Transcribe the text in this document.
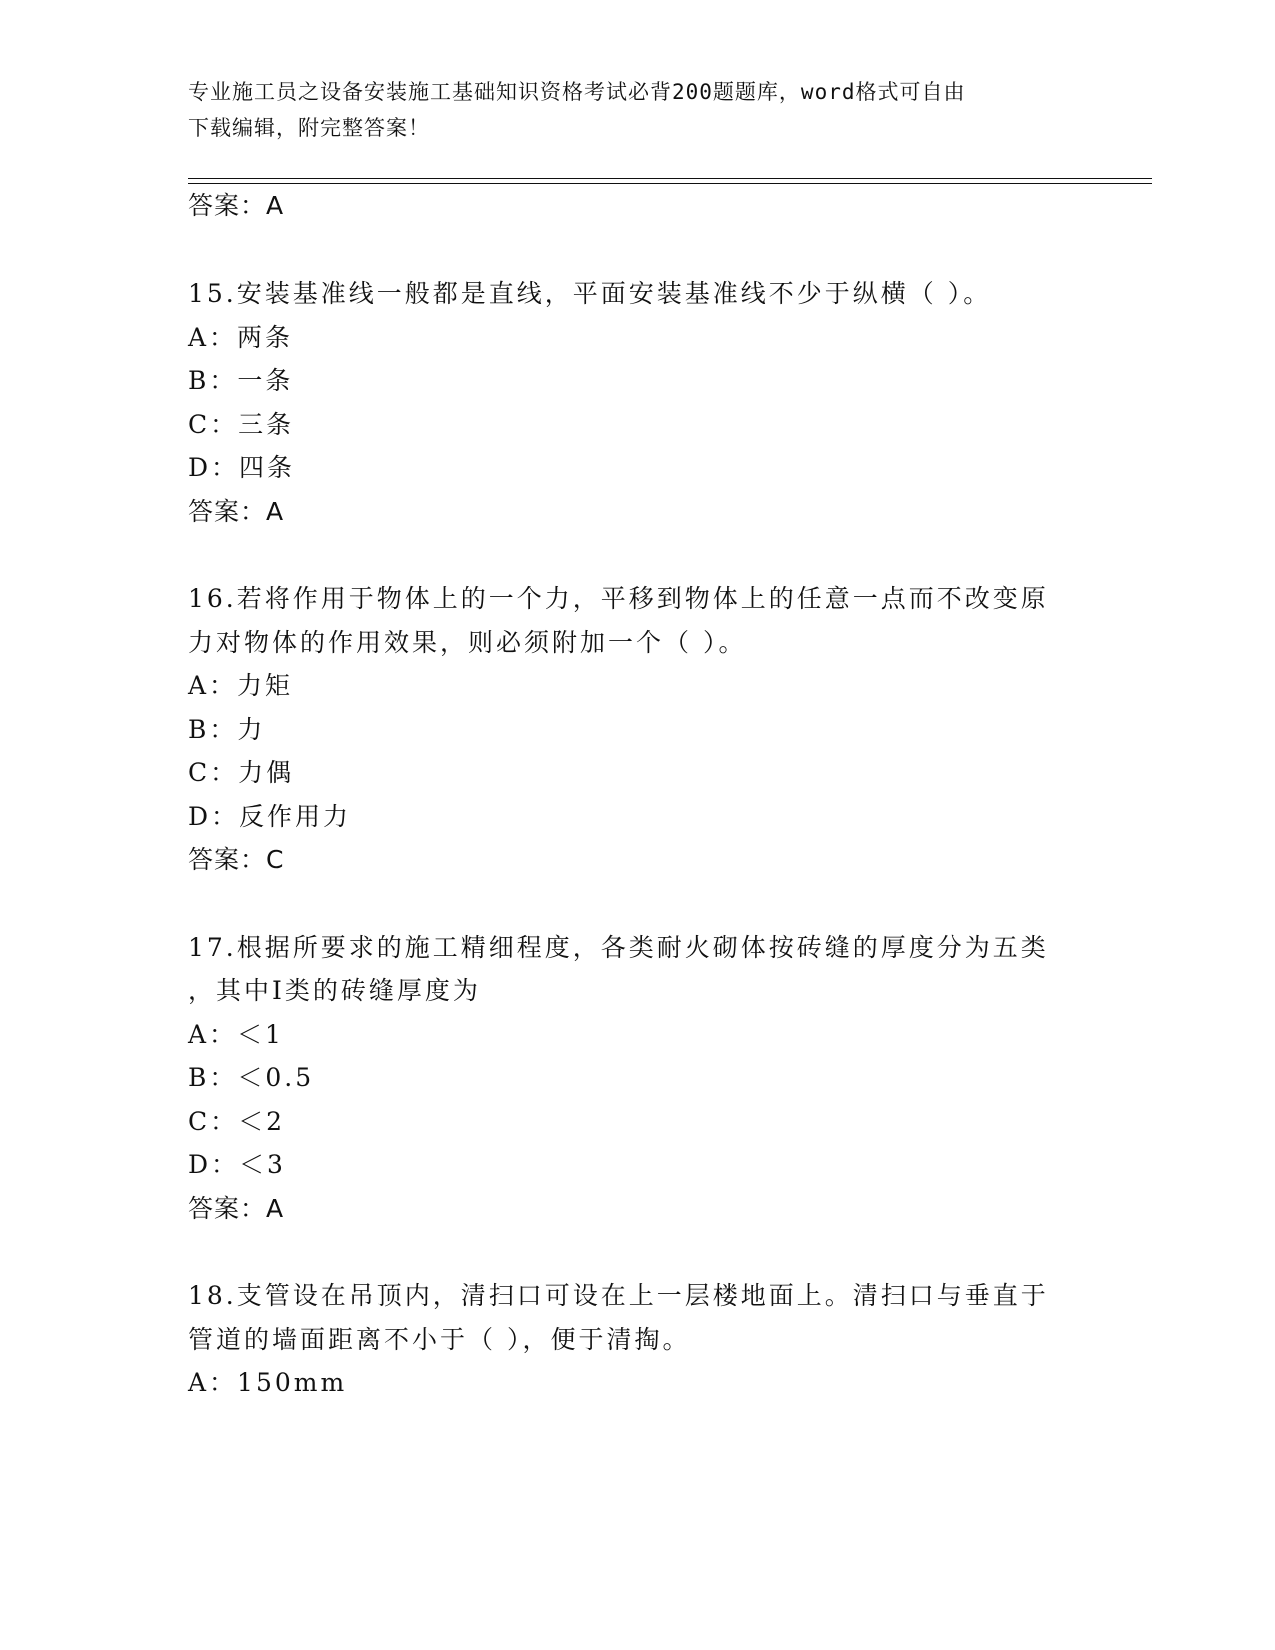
专业施工员之设备安装施工基础知识资格考试必背200题题库，word格式可自由
下载编辑，附完整答案！
答案：A
15.安装基准线一般都是直线，平面安装基准线不少于纵横（ ）。
A：两条
B：一条
C：三条
D：四条
答案：A
16.若将作用于物体上的一个力，平移到物体上的任意一点而不改变原
力对物体的作用效果，则必须附加一个（ ）。
A：力矩
B：力
C：力偶
D：反作用力
答案：C
17.根据所要求的施工精细程度，各类耐火砌体按砖缝的厚度分为五类
，其中Ⅰ类的砖缝厚度为
A：＜1
B：＜0.5
C：＜2
D：＜3
答案：A
18.支管设在吊顶内，清扫口可设在上一层楼地面上。清扫口与垂直于
管道的墙面距离不小于（ ），便于清掏。
A：150mm
